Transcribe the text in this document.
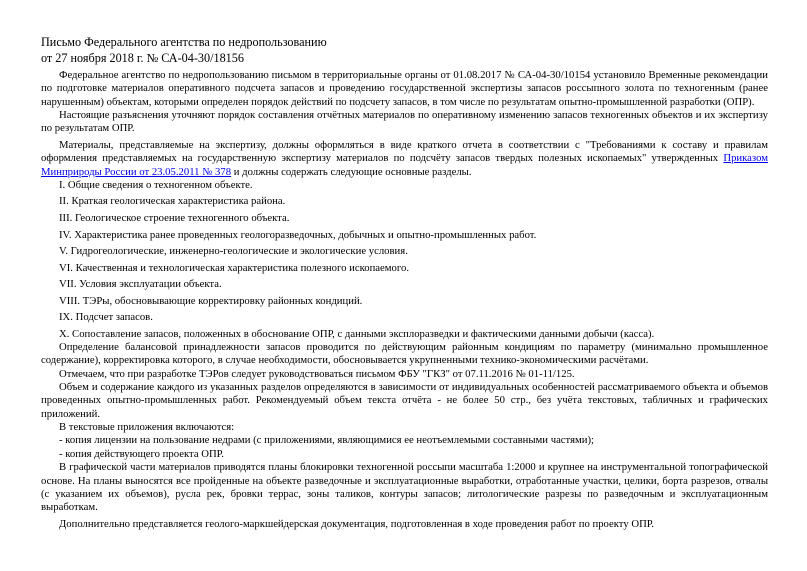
Письмо Федерального агентства по недропользованию
от 27 ноября 2018 г. № СА-04-30/18156

Федеральное агентство по недропользованию письмом в территориальные органы от 01.08.2017 № СА-04-30/10154 установило Временные рекомендации по подготовке материалов оперативного подсчета запасов и проведению государственной экспертизы запасов россыпного золота по техногенным (ранее нарушенным) объектам, которыми определен порядок действий по подсчету запасов, в том числе по результатам опытно-промышленной разработки (ОПР).

Настоящие разъяснения уточняют порядок составления отчётных материалов по оперативному изменению запасов техногенных объектов и их экспертизу по результатам ОПР.

Материалы, представляемые на экспертизу, должны оформляться в виде краткого отчета в соответствии с "Требованиями к составу и правилам оформления представляемых на государственную экспертизу материалов по подсчёту запасов твердых полезных ископаемых" утвержденных Приказом Минприроды России от 23.05.2011 № 378 и должны содержать следующие основные разделы.

I. Общие сведения о техногенном объекте.

II. Краткая геологическая характеристика района.

III. Геологическое строение техногенного объекта.

IV. Характеристика ранее проведенных геологоразведочных, добычных и опытно-промышленных работ.

V. Гидрогеологические, инженерно-геологические и экологические условия.

VI. Качественная и технологическая характеристика полезного ископаемого.

VII. Условия эксплуатации объекта.

VIII. ТЭРы, обосновывающие корректировку районных кондиций.

IX. Подсчет запасов.

X. Сопоставление запасов, положенных в обоснование ОПР, с данными эксплоразведки и фактическими данными добычи (касса).

Определение балансовой принадлежности запасов проводится по действующим районным кондициям по параметру (минимально промышленное содержание), корректировка которого, в случае необходимости, обосновывается укрупненными технико-экономическими расчётами.

Отмечаем, что при разработке ТЭРов следует руководствоваться письмом ФБУ "ГКЗ" от 07.11.2016 № 01-11/125.

Объем и содержание каждого из указанных разделов определяются в зависимости от индивидуальных особенностей рассматриваемого объекта и объемов проведенных опытно-промышленных работ. Рекомендуемый объем текста отчёта - не более 50 стр., без учёта текстовых, табличных и графических приложений.

В текстовые приложения включаются:

- копия лицензии на пользование недрами (с приложениями, являющимися ее неотъемлемыми составными частями);

- копия действующего проекта ОПР.

В графической части материалов приводятся планы блокировки техногенной россыпи масштаба 1:2000 и крупнее на инструментальной топографической основе. На планы выносятся все пройденные на объекте разведочные и эксплуатационные выработки, отработанные участки, целики, борта разрезов, отвалы (с указанием их объемов), русла рек, бровки террас, зоны таликов, контуры запасов; литологические разрезы по разведочным и эксплуатационным выработкам.

Дополнительно представляется геолого-маркшейдерская документация, подготовленная в ходе проведения работ по проекту ОПР.
